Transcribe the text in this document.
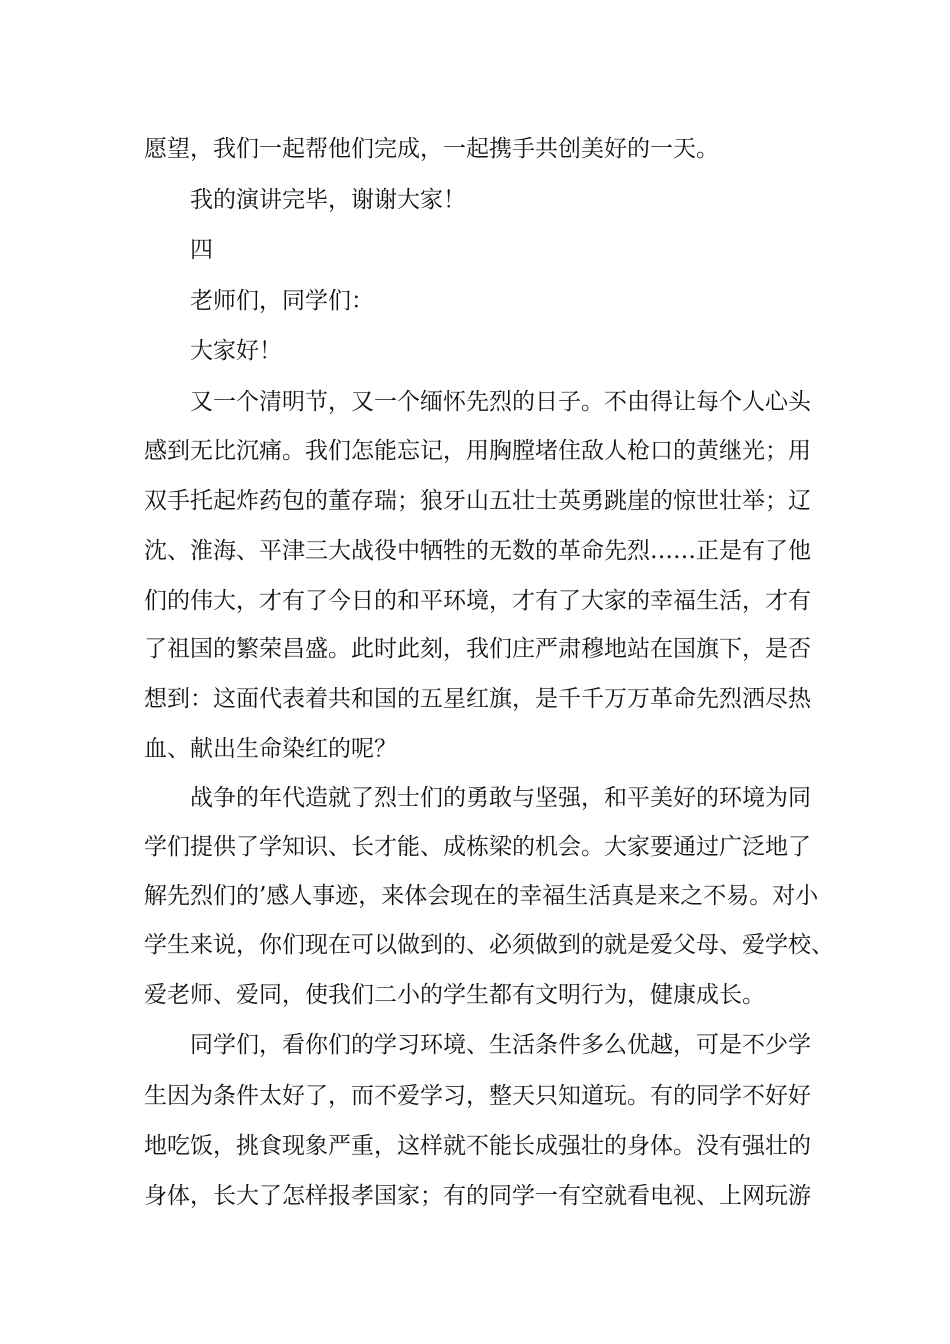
愿望，我们一起帮他们完成，一起携手共创美好的一天。
我的演讲完毕，谢谢大家！
四
老师们，同学们：
大家好！
又一个清明节，又一个缅怀先烈的日子。不由得让每个人心头
感到无比沉痛。我们怎能忘记，用胸膛堵住敌人枪口的黄继光；用
双手托起炸药包的董存瑞；狼牙山五壮士英勇跳崖的惊世壮举；辽
沈、淮海、平津三大战役中牺牲的无数的革命先烈……正是有了他
们的伟大，才有了今日的和平环境，才有了大家的幸福生活，才有
了祖国的繁荣昌盛。此时此刻，我们庄严肃穆地站在国旗下，是否
想到：这面代表着共和国的五星红旗，是千千万万革命先烈洒尽热
血、献出生命染红的呢？
战争的年代造就了烈士们的勇敢与坚强，和平美好的环境为同
学们提供了学知识、长才能、成栋梁的机会。大家要通过广泛地了
解先烈们的’感人事迹，来体会现在的幸福生活真是来之不易。对小
学生来说，你们现在可以做到的、必须做到的就是爱父母、爱学校、
爱老师、爱同，使我们二小的学生都有文明行为，健康成长。
同学们，看你们的学习环境、生活条件多么优越，可是不少学
生因为条件太好了，而不爱学习，整天只知道玩。有的同学不好好
地吃饭，挑食现象严重，这样就不能长成强壮的身体。没有强壮的
身体，长大了怎样报孝国家；有的同学一有空就看电视、上网玩游
